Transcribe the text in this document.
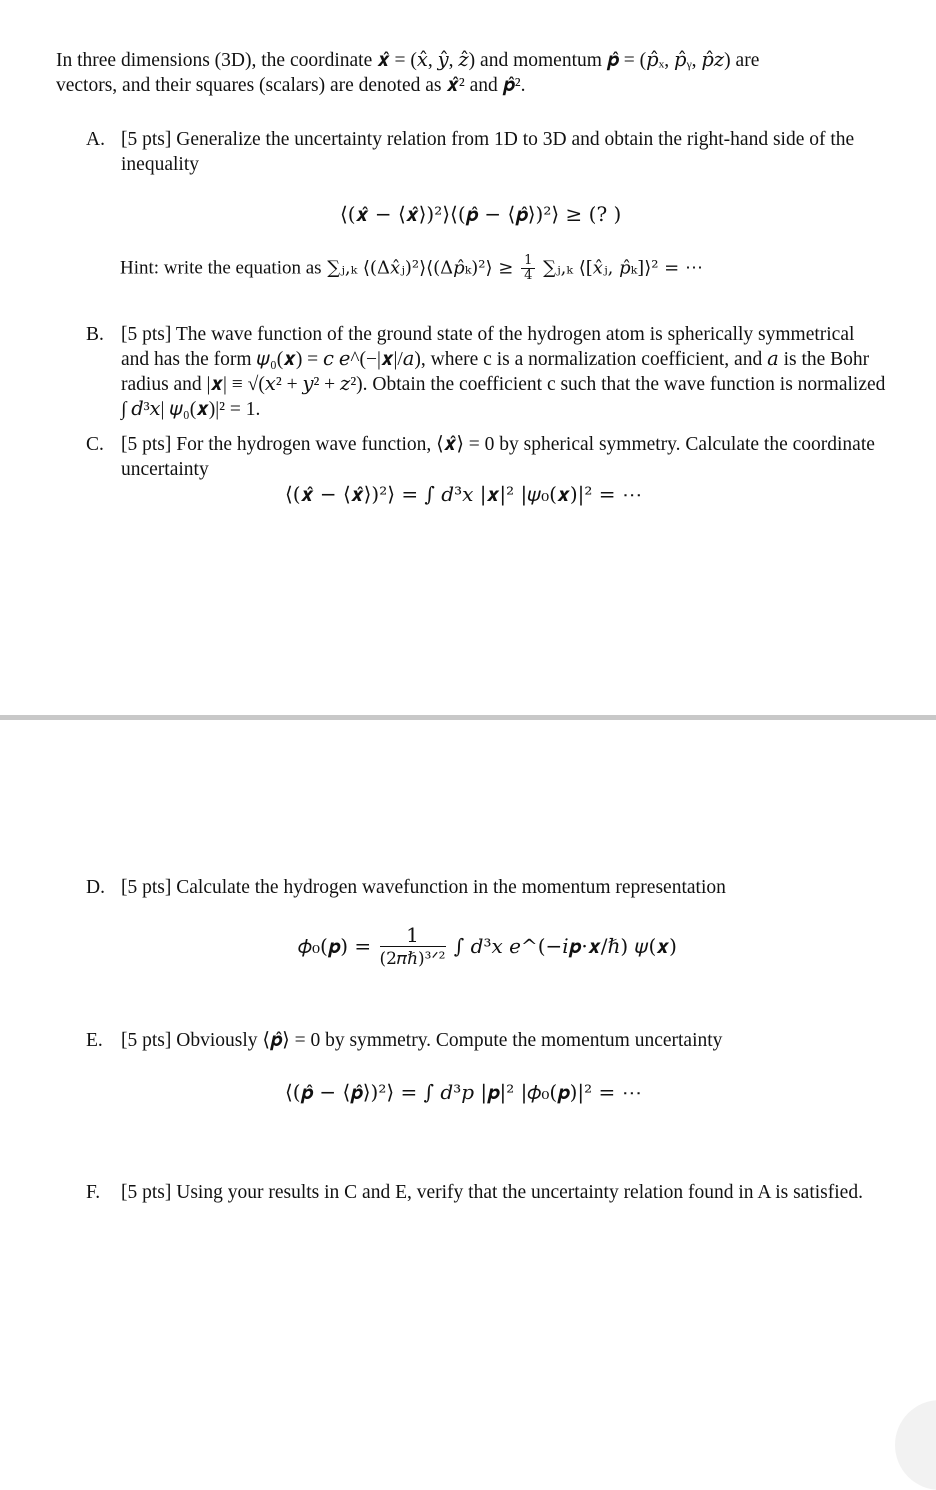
In three dimensions (3D), the coordinate 𝒙̂ = (𝑥̂, 𝑦̂, 𝑧̂) and momentum 𝒑̂ = (𝑝̂ₓ, 𝑝̂ᵧ, 𝑝̂𝑧) are
vectors, and their squares (scalars) are denoted as 𝒙̂² and 𝒑̂².
A. [5 pts] Generalize the uncertainty relation from 1D to 3D and obtain the right-hand side of the inequality
⟨(𝒙̂ − ⟨𝒙̂⟩)²⟩⟨(𝒑̂ − ⟨𝒑̂⟩)²⟩ ≥ (? )
Hint: write the equation as ∑ⱼ,ₖ ⟨(Δ𝑥̂ⱼ)²⟩⟨(Δ𝑝̂ₖ)²⟩ ≥ $\frac{1}{4}$ ∑ⱼ,ₖ ⟨[𝑥̂ⱼ, 𝑝̂ₖ]⟩² = ⋯
B. [5 pts] The wave function of the ground state of the hydrogen atom is spherically symmetrical and has the form 𝜓₀(𝒙) = 𝑐 𝑒^(−|𝒙|/𝑎), where c is a normalization coefficient, and 𝑎 is the Bohr radius and |𝒙| ≡ √(𝑥² + 𝑦² + 𝑧²). Obtain the coefficient c such that the wave function is normalized ∫ 𝑑³𝑥| 𝜓₀(𝒙)|² = 1.
C. [5 pts] For the hydrogen wave function, ⟨𝒙̂⟩ = 0 by spherical symmetry. Calculate the coordinate uncertainty
⟨(𝒙̂ − ⟨𝒙̂⟩)²⟩ = ∫ 𝑑³𝑥 |𝒙|² |𝜓₀(𝒙)|² = ⋯
D. [5 pts] Calculate the hydrogen wavefunction in the momentum representation
𝜙₀(𝒑) = $\frac{1}{\text{(2𝜋ℏ)³ᐟ²}}$ ∫ 𝑑³𝑥 𝑒^(−𝑖𝒑⋅𝒙/ℏ) 𝜓(𝒙)
E. [5 pts] Obviously ⟨𝒑̂⟩ = 0 by symmetry. Compute the momentum uncertainty
⟨(𝒑̂ − ⟨𝒑̂⟩)²⟩ = ∫ 𝑑³𝑝 |𝒑|² |𝜙₀(𝒑)|² = ⋯
F. [5 pts] Using your results in C and E, verify that the uncertainty relation found in A is satisfied.
